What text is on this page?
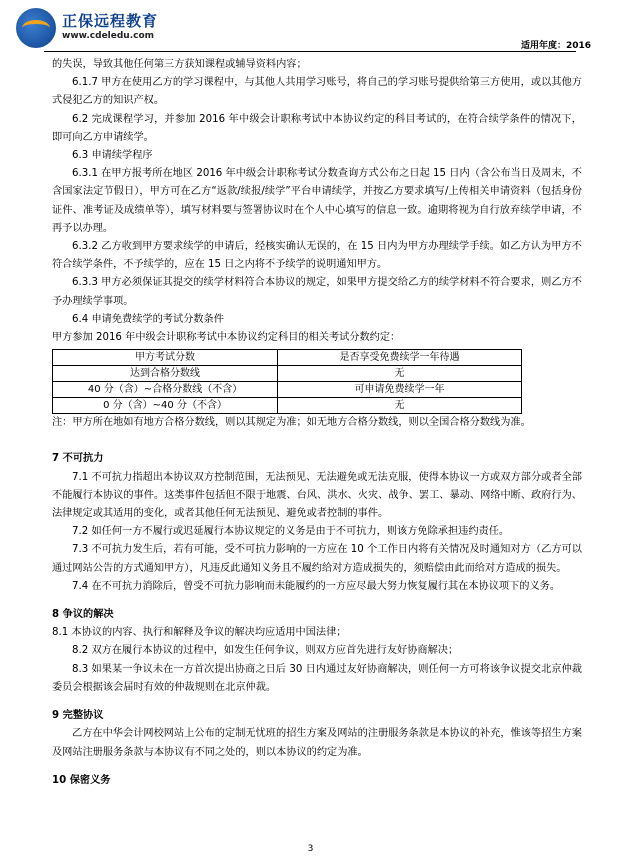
正保远程教育
www.cdeledu.com
适用年度：2016

的失误，导致其他任何第三方获知课程或辅导资料内容；

6.1.7 甲方在使用乙方的学习课程中，与其他人共用学习账号，将自己的学习账号提供给第三方使用，或以其他方式侵犯乙方的知识产权。

6.2 完成课程学习，并参加 2016 年中级会计职称考试中本协议约定的科目考试的，在符合续学条件的情况下，即可向乙方申请续学。

6.3 申请续学程序

6.3.1 在甲方报考所在地区 2016 年中级会计职称考试分数查询方式公布之日起 15 日内（含公布当日及周末，不含国家法定节假日），甲方可在乙方“返款/续报/续学”平台申请续学，并按乙方要求填写/上传相关申请资料（包括身份证件、准考证及成绩单等），填写材料要与签署协议时在个人中心填写的信息一致。逾期将视为自行放弃续学申请，不再予以办理。

6.3.2 乙方收到甲方要求续学的申请后，经核实确认无误的，在 15 日内为甲方办理续学手续。如乙方认为甲方不符合续学条件，不予续学的，应在 15 日之内将不予续学的说明通知甲方。

6.3.3 甲方必须保证其提交的续学材料符合本协议的规定，如果甲方提交给乙方的续学材料不符合要求，则乙方不予办理续学事项。

6.4 申请免费续学的考试分数条件

甲方参加 2016 年中级会计职称考试中本协议约定科目的相关考试分数约定：

甲方考试分数	是否享受免费续学一年待遇
达到合格分数线	无
40 分（含）~合格分数线（不含）	可申请免费续学一年
0 分（含）~40 分（不含）	无

注：甲方所在地如有地方合格分数线，则以其规定为准；如无地方合格分数线，则以全国合格分数线为准。

7 不可抗力

7.1 不可抗力指超出本协议双方控制范围，无法预见、无法避免或无法克服，使得本协议一方或双方部分或者全部不能履行本协议的事件。这类事件包括但不限于地震、台风、洪水、火灾、战争、罢工、暴动、网络中断、政府行为、法律规定或其适用的变化，或者其他任何无法预见、避免或者控制的事件。

7.2 如任何一方不履行或迟延履行本协议规定的义务是由于不可抗力，则该方免除承担违约责任。

7.3 不可抗力发生后，若有可能，受不可抗力影响的一方应在 10 个工作日内将有关情况及时通知对方（乙方可以通过网站公告的方式通知甲方），凡违反此通知义务且不履约给对方造成损失的，须赔偿由此而给对方造成的损失。

7.4 在不可抗力消除后，曾受不可抗力影响而未能履约的一方应尽最大努力恢复履行其在本协议项下的义务。

8 争议的解决

8.1 本协议的内容、执行和解释及争议的解决均应适用中国法律；

8.2 双方在履行本协议的过程中，如发生任何争议，则双方应首先进行友好协商解决；

8.3 如果某一争议未在一方首次提出协商之日后 30 日内通过友好协商解决，则任何一方可将该争议提交北京仲裁委员会根据该会届时有效的仲裁规则在北京仲裁。

9 完整协议

乙方在中华会计网校网站上公布的定制无忧班的招生方案及网站的注册服务条款是本协议的补充，惟该等招生方案及网站注册服务条款与本协议有不同之处的，则以本协议的约定为准。

10 保密义务

3
